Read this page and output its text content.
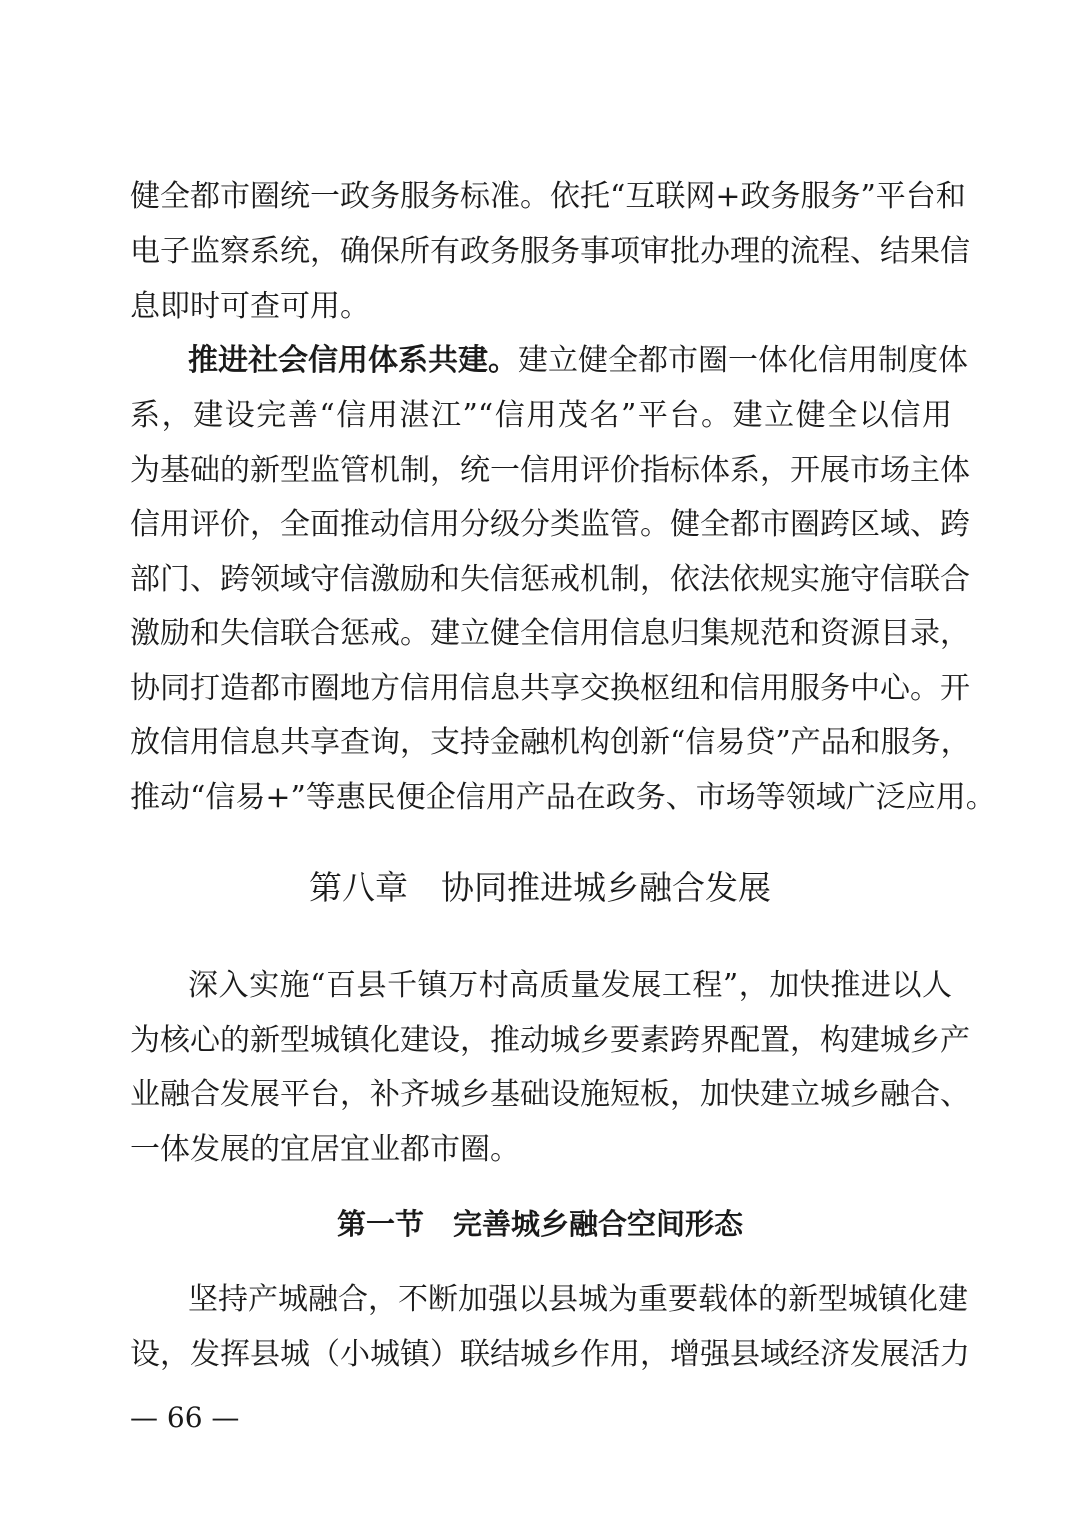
健全都市圈统一政务服务标准。依托“互联网+政务服务”平台和
电子监察系统，确保所有政务服务事项审批办理的流程、结果信
息即时可查可用。
推进社会信用体系共建。建立健全都市圈一体化信用制度体
系，建设完善“信用湛江”“信用茂名”平台。建立健全以信用
为基础的新型监管机制，统一信用评价指标体系，开展市场主体
信用评价，全面推动信用分级分类监管。健全都市圈跨区域、跨
部门、跨领域守信激励和失信惩戒机制，依法依规实施守信联合
激励和失信联合惩戒。建立健全信用信息归集规范和资源目录，
协同打造都市圈地方信用信息共享交换枢纽和信用服务中心。开
放信用信息共享查询，支持金融机构创新“信易贷”产品和服务，
推动“信易+”等惠民便企信用产品在政务、市场等领域广泛应用。
第八章　协同推进城乡融合发展
深入实施“百县千镇万村高质量发展工程”，加快推进以人
为核心的新型城镇化建设，推动城乡要素跨界配置，构建城乡产
业融合发展平台，补齐城乡基础设施短板，加快建立城乡融合、
一体发展的宜居宜业都市圈。
第一节　完善城乡融合空间形态
坚持产城融合，不断加强以县城为重要载体的新型城镇化建
设，发挥县城（小城镇）联结城乡作用，增强县域经济发展活力
— 66 —
